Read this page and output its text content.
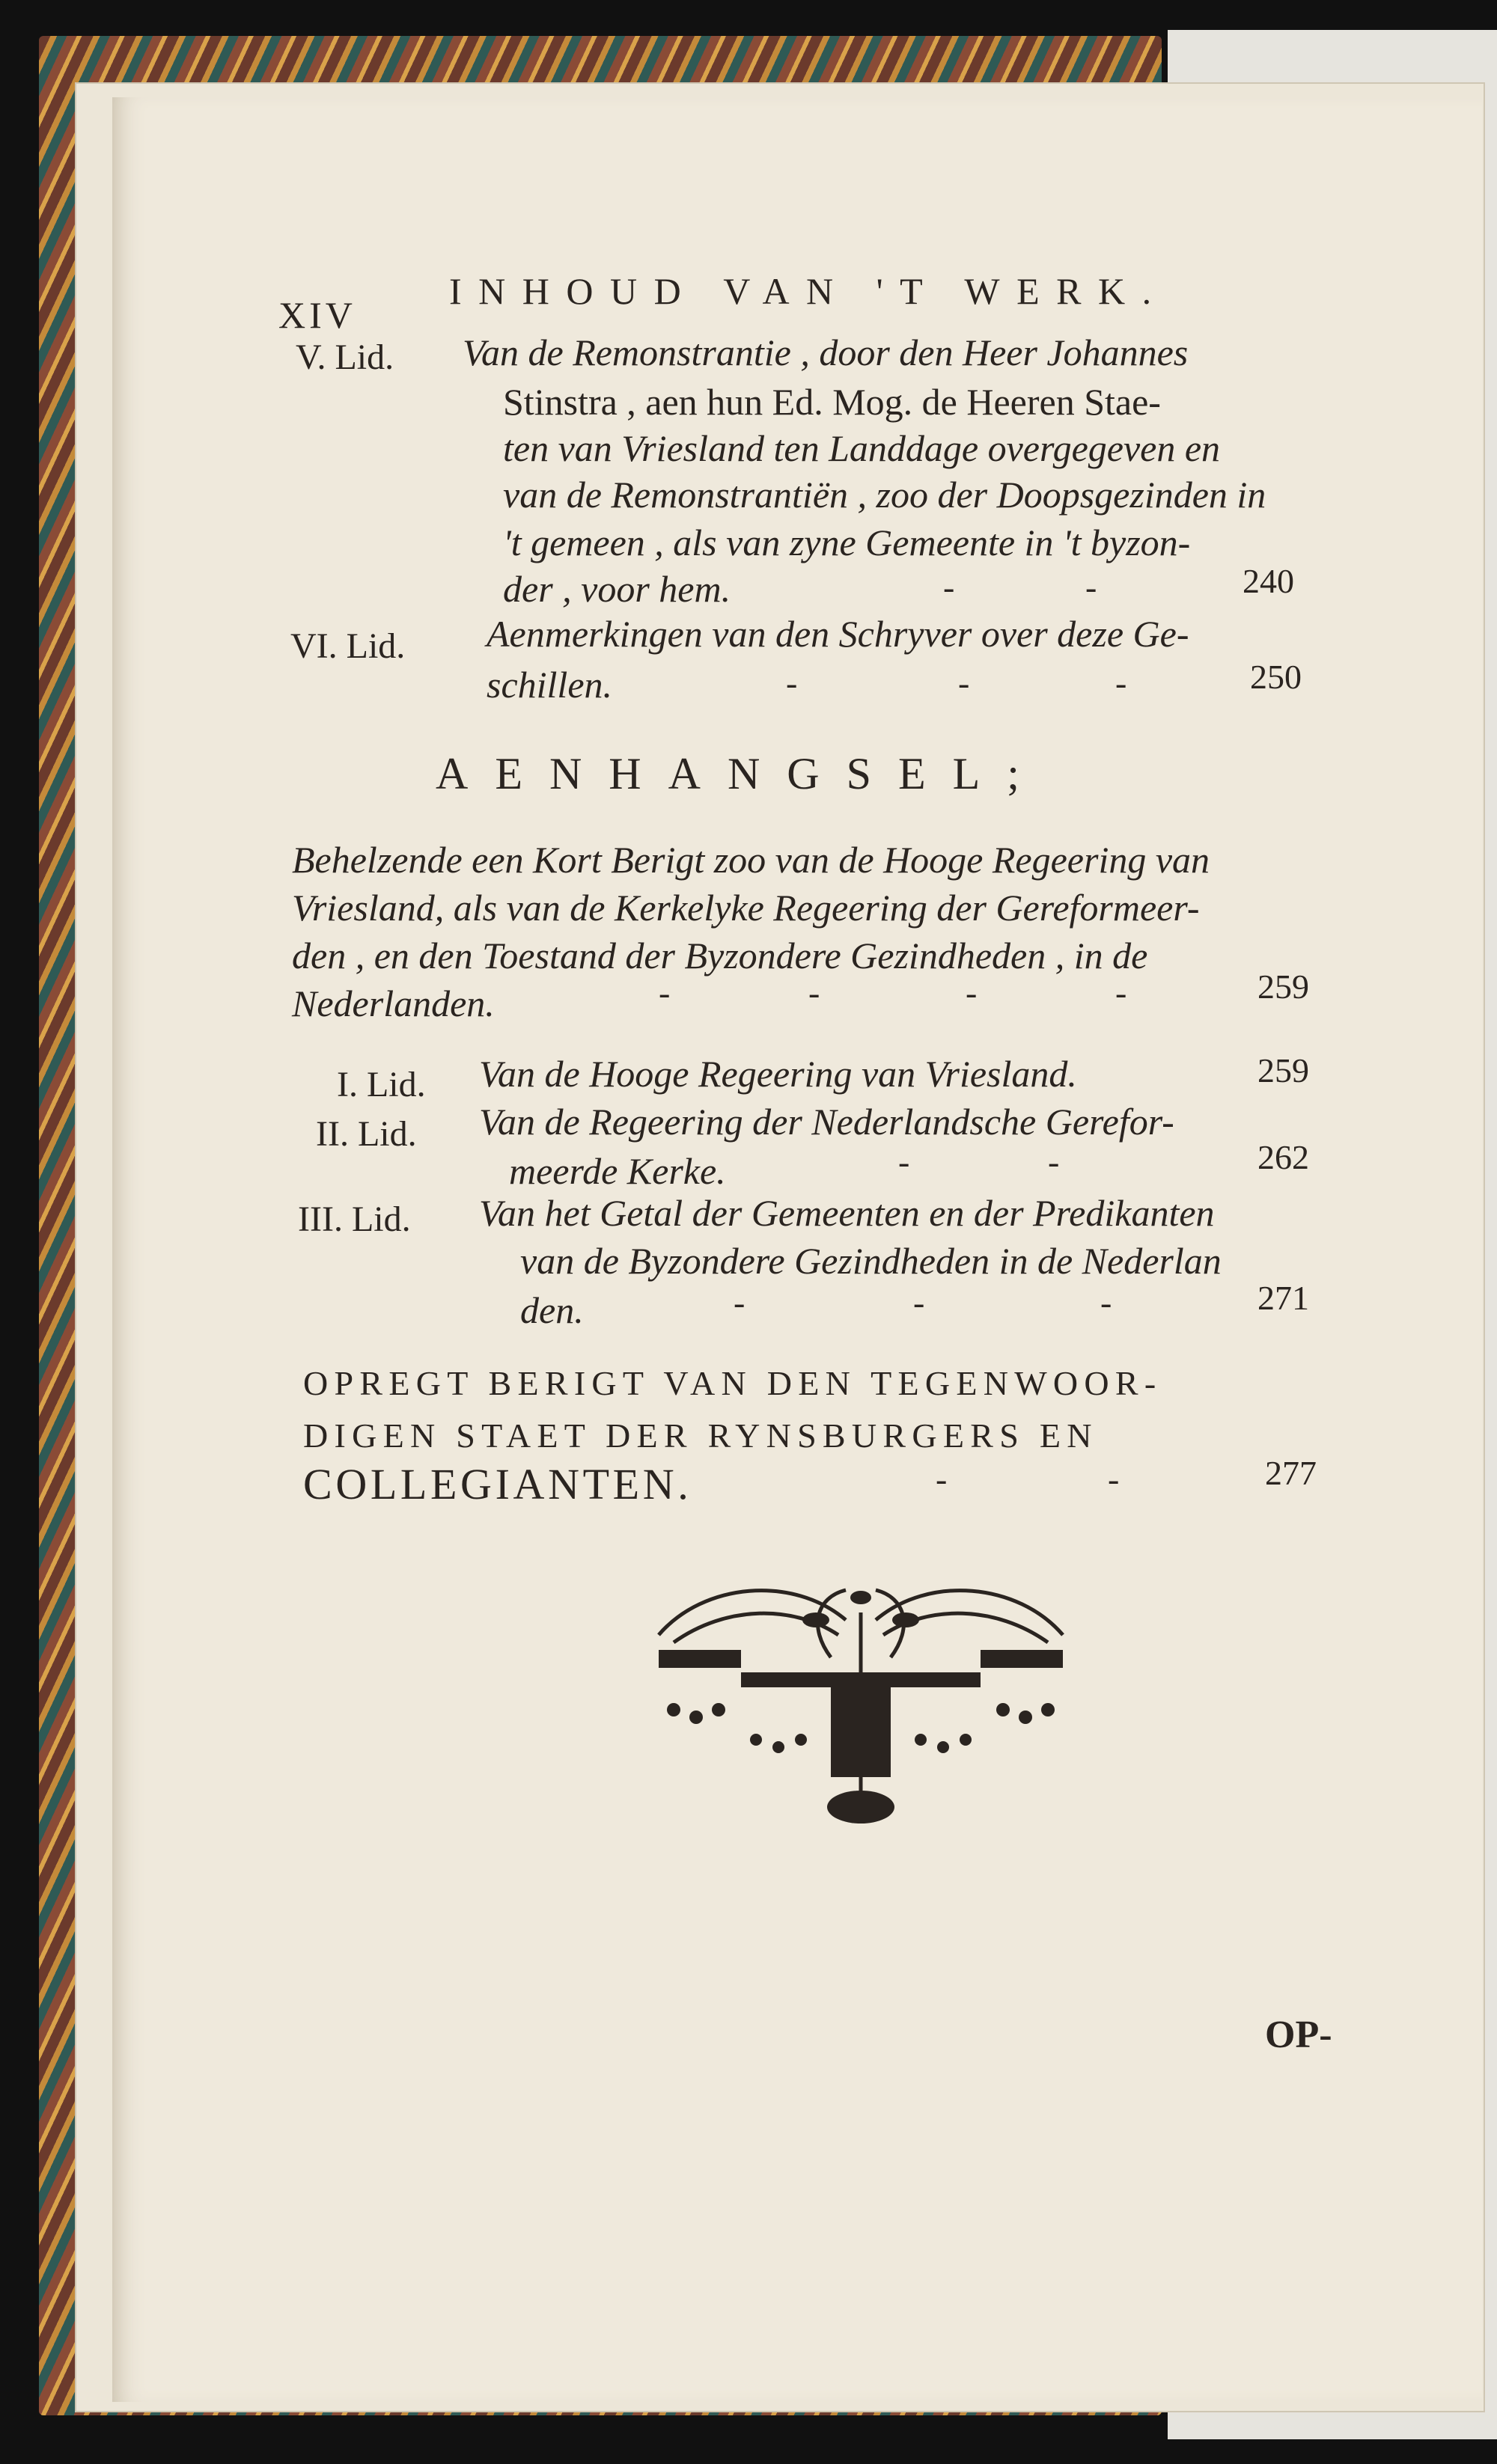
XIV
INHOUD VAN 'T WERK.
V. Lid. Van de Remonstrantie , door den Heer Johannes
Stinstra , aen hun Ed. Mog. de Heeren Stae-
ten van Vriesland ten Landdage overgegeven en
van de Remonstrantiën , zoo der Doopsgezinden in
't gemeen , als van zyne Gemeente in 't byzon-
der , voor hem.	-	-	240
VI. Lid. Aenmerkingen van den Schryver over deze Ge-
schillen.	-	-	-	250
AENHANGSEL;
Behelzende een Kort Berigt zoo van de Hooge Regeering van
Vriesland, als van de Kerkelyke Regeering der Gereformeer-
den , en den Toestand der Byzondere Gezindheden , in de
Nederlanden.	-	-	-	-	259
I. Lid. Van de Hooge Regeering van Vriesland.	259
II. Lid. Van de Regeering der Nederlandsche Gerefor-
meerde Kerke.	-	-	262
III. Lid. Van het Getal der Gemeenten en der Predikanten
van de Byzondere Gezindheden in de Nederlan
den.	-	-	-	271
OPREGT BERIGT VAN DEN TEGENWOOR-
DIGEN STAET DER RYNSBURGERS EN
COLLEGIANTEN.	-	-	277
OP-
